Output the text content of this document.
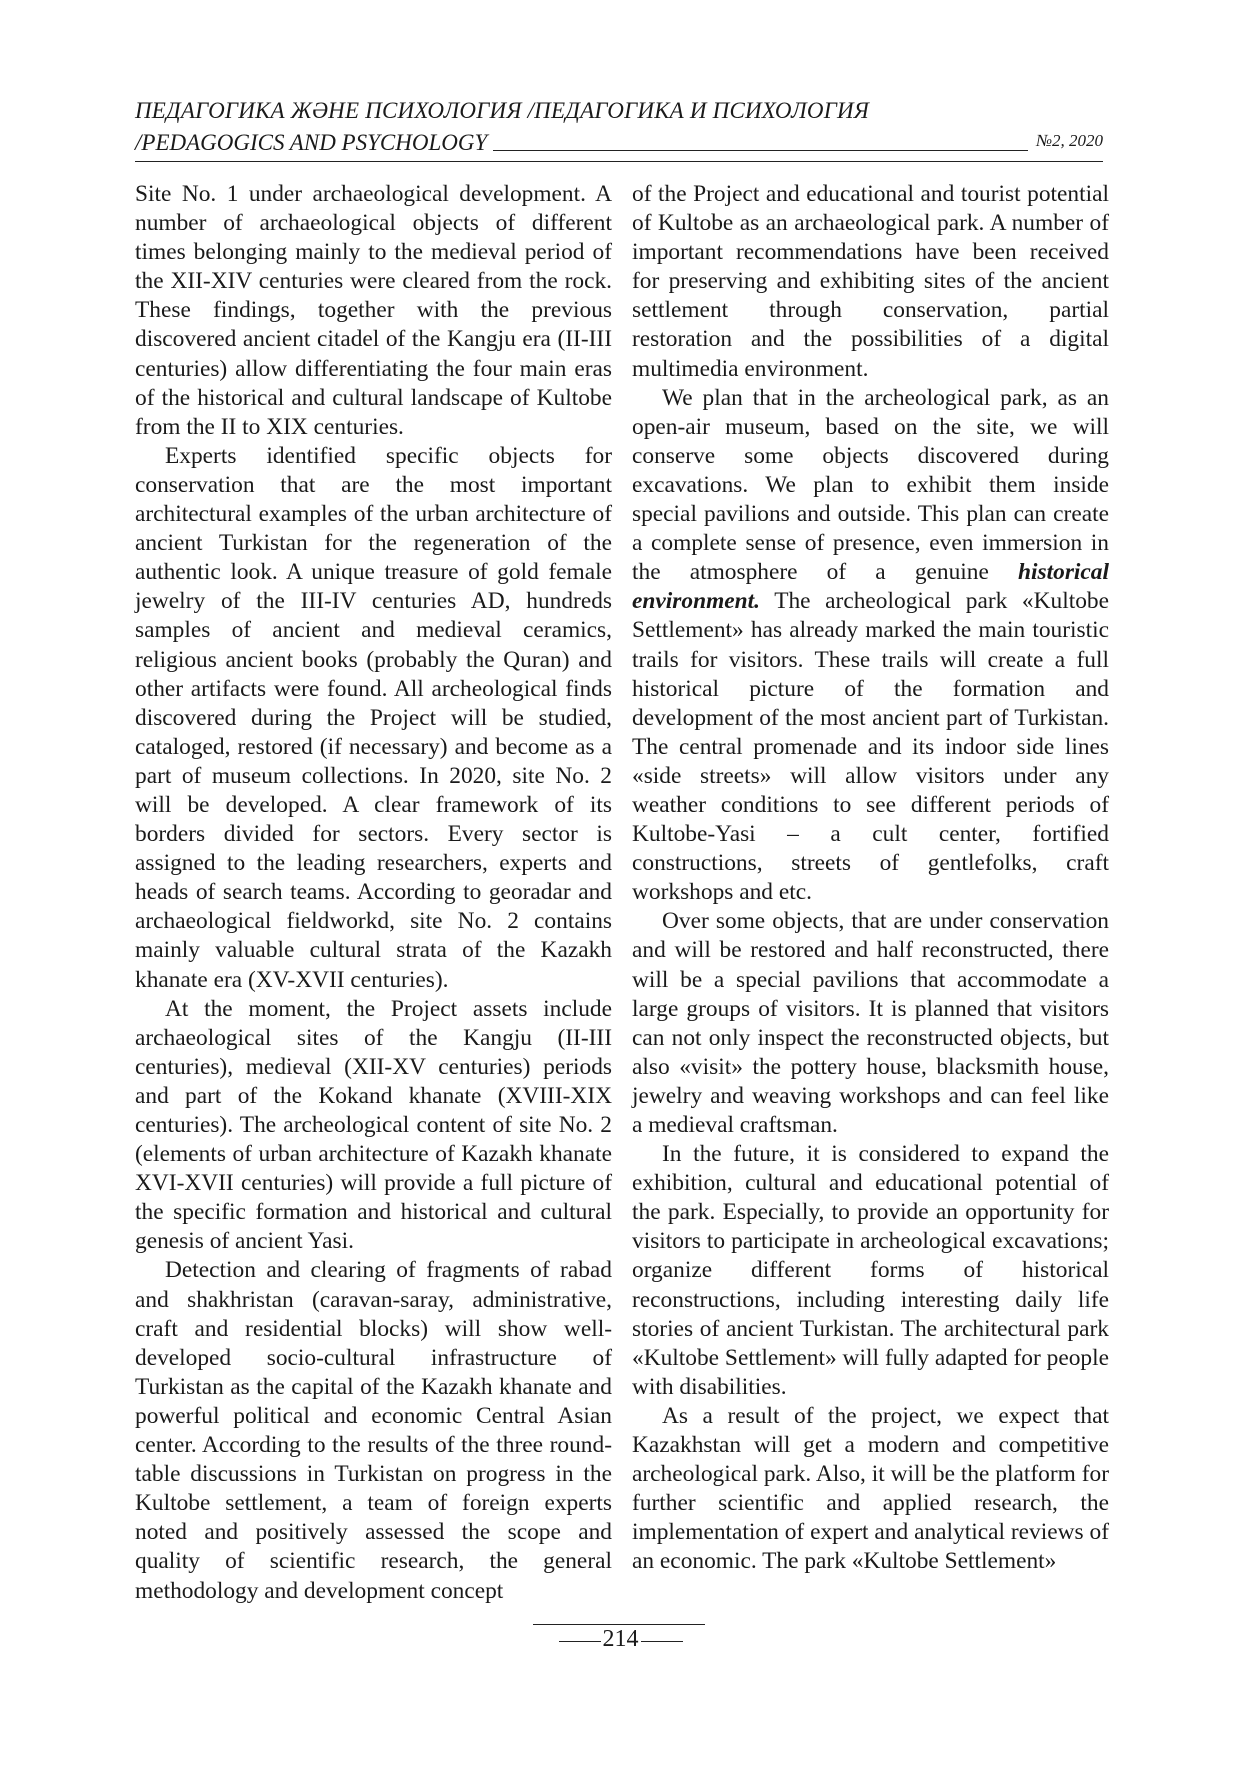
ПЕДАГОГИКА ЖӘНЕ ПСИХОЛОГИЯ /ПЕДАГОГИКА И ПСИХОЛОГИЯ
/PEDAGOGICS AND PSYCHOLOGY	№2, 2020

Site No. 1 under archaeological development. A number of archaeological objects of different times belonging mainly to the medieval period of the XII-XIV centuries were cleared from the rock. These findings, together with the previous discovered ancient citadel of the Kangju era (II-III centuries) allow differentiating the four main eras of the historical and cultural landscape of Kultobe from the II to XIX centuries.

Experts identified specific objects for conservation that are the most important architectural examples of the urban architecture of ancient Turkistan for the regeneration of the authentic look. A unique treasure of gold female jewelry of the III-IV centuries AD, hundreds samples of ancient and medieval ceramics, religious ancient books (probably the Quran) and other artifacts were found. All archeological finds discovered during the Project will be studied, cataloged, restored (if necessary) and become as a part of museum collections. In 2020, site No. 2 will be developed. A clear framework of its borders divided for sectors. Every sector is assigned to the leading researchers, experts and heads of search teams. According to georadar and archaeological fieldworkd, site No. 2 contains mainly valuable cultural strata of the Kazakh khanate era (XV-XVII centuries).

At the moment, the Project assets include archaeological sites of the Kangju (II-III centuries), medieval (XII-XV centuries) periods and part of the Kokand khanate (XVIII-XIX centuries). The archeological content of site No. 2 (elements of urban architecture of Kazakh khanate XVI-XVII centuries) will provide a full picture of the specific formation and historical and cultural genesis of ancient Yasi.

Detection and clearing of fragments of rabad and shakhristan (caravan-saray, administrative, craft and residential blocks) will show well-developed socio-cultural infrastructure of Turkistan as the capital of the Kazakh khanate and powerful political and economic Central Asian center. According to the results of the three round-table discussions in Turkistan on progress in the Kultobe settlement, a team of foreign experts noted and positively assessed the scope and quality of scientific research, the general methodology and development concept

of the Project and educational and tourist potential of Kultobe as an archaeological park. A number of important recommendations have been received for preserving and exhibiting sites of the ancient settlement through conservation, partial restoration and the possibilities of a digital multimedia environment.

We plan that in the archeological park, as an open-air museum, based on the site, we will conserve some objects discovered during excavations. We plan to exhibit them inside special pavilions and outside. This plan can create a complete sense of presence, even immersion in the atmosphere of a genuine historical environment. The archeological park «Kultobe Settlement» has already marked the main touristic trails for visitors. These trails will create a full historical picture of the formation and development of the most ancient part of Turkistan. The central promenade and its indoor side lines «side streets» will allow visitors under any weather conditions to see different periods of Kultobe-Yasi – a cult center, fortified constructions, streets of gentlefolks, craft workshops and etc.

Over some objects, that are under conservation and will be restored and half reconstructed, there will be a special pavilions that accommodate a large groups of visitors. It is planned that visitors can not only inspect the reconstructed objects, but also «visit» the pottery house, blacksmith house, jewelry and weaving workshops and can feel like a medieval craftsman.

In the future, it is considered to expand the exhibition, cultural and educational potential of the park. Especially, to provide an opportunity for visitors to participate in archeological excavations; organize different forms of historical reconstructions, including interesting daily life stories of ancient Turkistan. The architectural park «Kultobe Settlement» will fully adapted for people with disabilities.

As a result of the project, we expect that Kazakhstan will get a modern and competitive archeological park. Also, it will be the platform for further scientific and applied research, the implementation of expert and analytical reviews of an economic. The park «Kultobe Settlement»

214
